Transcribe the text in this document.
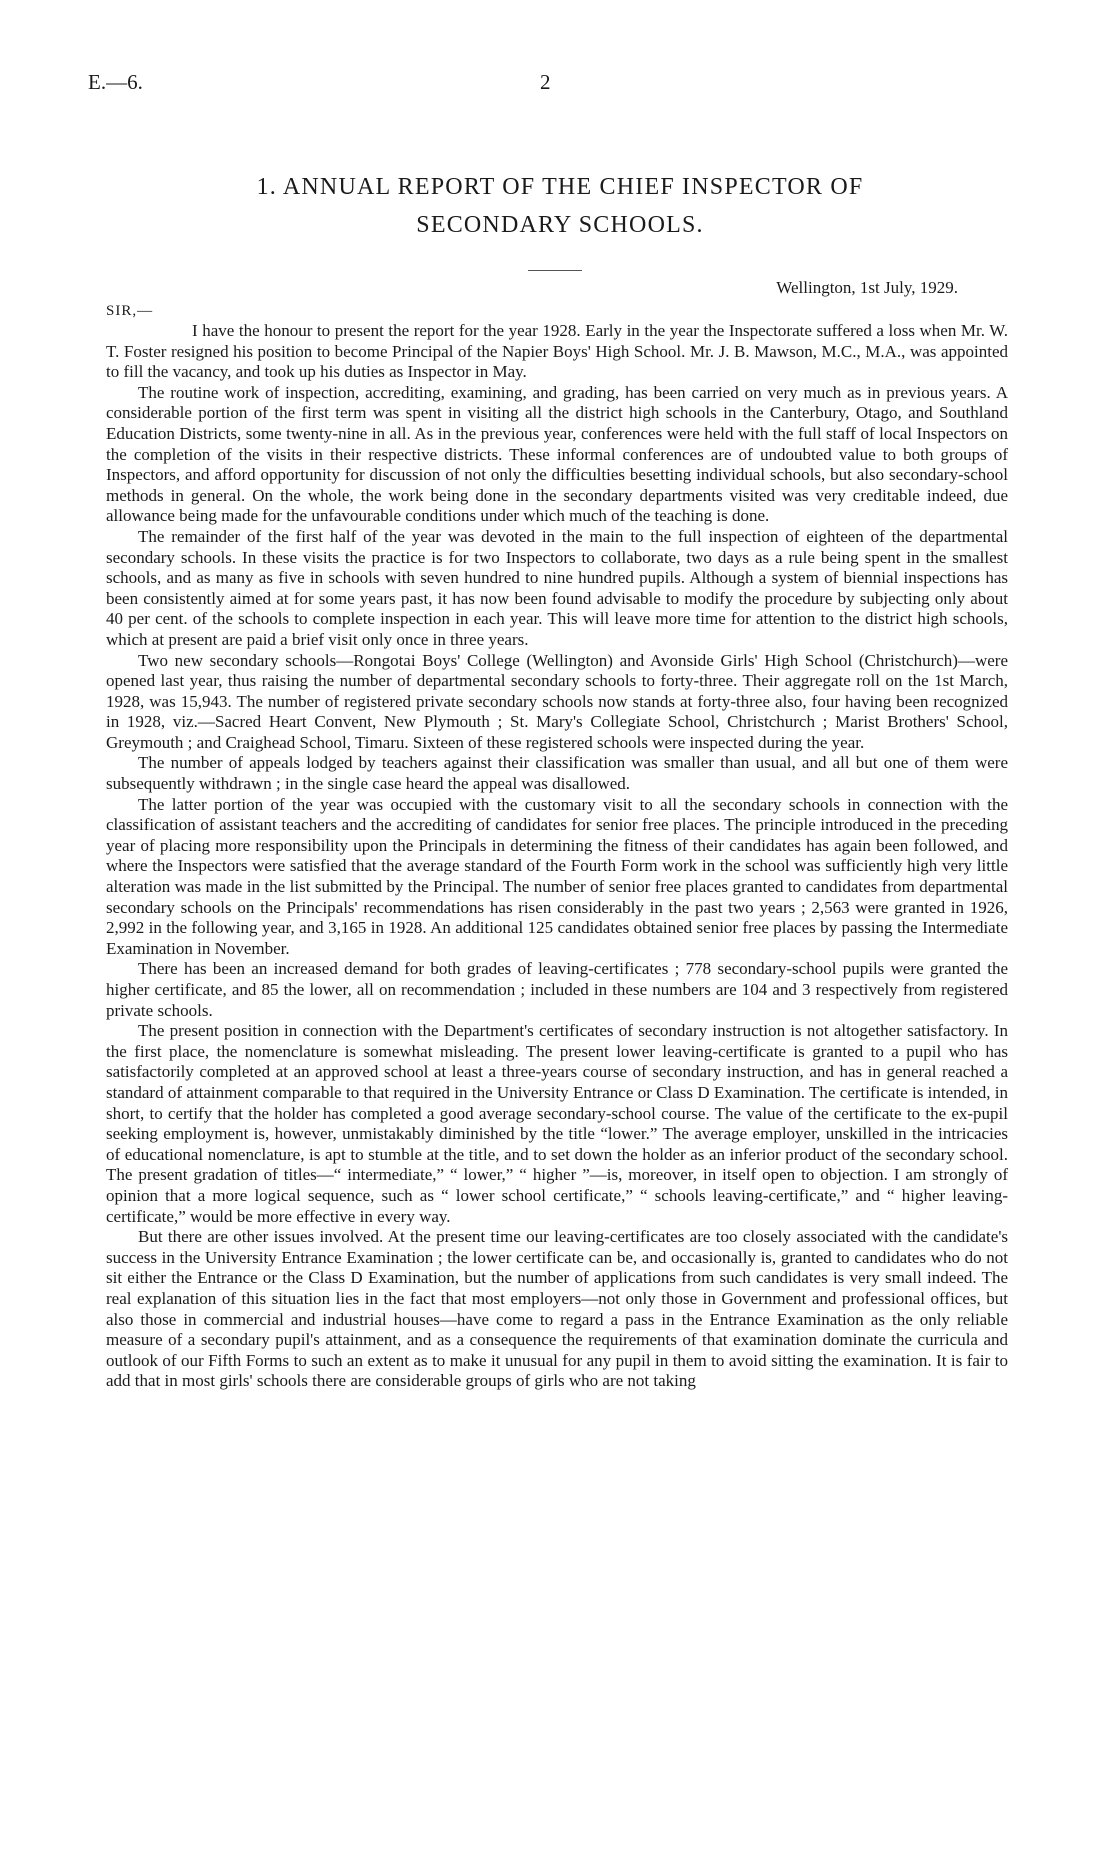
E.—6.	2
1. ANNUAL REPORT OF THE CHIEF INSPECTOR OF
SECONDARY SCHOOLS.
Wellington, 1st July, 1929.
SIR,—

I have the honour to present the report for the year 1928. Early in the year the Inspectorate suffered a loss when Mr. W. T. Foster resigned his position to become Principal of the Napier Boys' High School. Mr. J. B. Mawson, M.C., M.A., was appointed to fill the vacancy, and took up his duties as Inspector in May.

The routine work of inspection, accrediting, examining, and grading, has been carried on very much as in previous years. A considerable portion of the first term was spent in visiting all the district high schools in the Canterbury, Otago, and Southland Education Districts, some twenty-nine in all. As in the previous year, conferences were held with the full staff of local Inspectors on the completion of the visits in their respective districts. These informal conferences are of undoubted value to both groups of Inspectors, and afford opportunity for discussion of not only the difficulties besetting individual schools, but also secondary-school methods in general. On the whole, the work being done in the secondary departments visited was very creditable indeed, due allowance being made for the unfavourable conditions under which much of the teaching is done.

The remainder of the first half of the year was devoted in the main to the full inspection of eighteen of the departmental secondary schools. In these visits the practice is for two Inspectors to collaborate, two days as a rule being spent in the smallest schools, and as many as five in schools with seven hundred to nine hundred pupils. Although a system of biennial inspections has been consistently aimed at for some years past, it has now been found advisable to modify the procedure by subjecting only about 40 per cent. of the schools to complete inspection in each year. This will leave more time for attention to the district high schools, which at present are paid a brief visit only once in three years.

Two new secondary schools—Rongotai Boys' College (Wellington) and Avonside Girls' High School (Christchurch)—were opened last year, thus raising the number of departmental secondary schools to forty-three. Their aggregate roll on the 1st March, 1928, was 15,943. The number of registered private secondary schools now stands at forty-three also, four having been recognized in 1928, viz.—Sacred Heart Convent, New Plymouth ; St. Mary's Collegiate School, Christchurch ; Marist Brothers' School, Greymouth ; and Craighead School, Timaru. Sixteen of these registered schools were inspected during the year.

The number of appeals lodged by teachers against their classification was smaller than usual, and all but one of them were subsequently withdrawn ; in the single case heard the appeal was disallowed.

The latter portion of the year was occupied with the customary visit to all the secondary schools in connection with the classification of assistant teachers and the accrediting of candidates for senior free places. The principle introduced in the preceding year of placing more responsibility upon the Principals in determining the fitness of their candidates has again been followed, and where the Inspectors were satisfied that the average standard of the Fourth Form work in the school was sufficiently high very little alteration was made in the list submitted by the Principal. The number of senior free places granted to candidates from departmental secondary schools on the Principals' recommendations has risen considerably in the past two years ; 2,563 were granted in 1926, 2,992 in the following year, and 3,165 in 1928. An additional 125 candidates obtained senior free places by passing the Intermediate Examination in November.

There has been an increased demand for both grades of leaving-certificates ; 778 secondary-school pupils were granted the higher certificate, and 85 the lower, all on recommendation ; included in these numbers are 104 and 3 respectively from registered private schools.

The present position in connection with the Department's certificates of secondary instruction is not altogether satisfactory. In the first place, the nomenclature is somewhat misleading. The present lower leaving-certificate is granted to a pupil who has satisfactorily completed at an approved school at least a three-years course of secondary instruction, and has in general reached a standard of attainment comparable to that required in the University Entrance or Class D Examination. The certificate is intended, in short, to certify that the holder has completed a good average secondary-school course. The value of the certificate to the ex-pupil seeking employment is, however, unmistakably diminished by the title “lower.” The average employer, unskilled in the intricacies of educational nomenclature, is apt to stumble at the title, and to set down the holder as an inferior product of the secondary school. The present gradation of titles—“ intermediate,” “ lower,” “ higher ”—is, moreover, in itself open to objection. I am strongly of opinion that a more logical sequence, such as “ lower school certificate,” “ schools leaving-certificate,” and “ higher leaving-certificate,” would be more effective in every way.

But there are other issues involved. At the present time our leaving-certificates are too closely associated with the candidate's success in the University Entrance Examination ; the lower certificate can be, and occasionally is, granted to candidates who do not sit either the Entrance or the Class D Examination, but the number of applications from such candidates is very small indeed. The real explanation of this situation lies in the fact that most employers—not only those in Government and professional offices, but also those in commercial and industrial houses—have come to regard a pass in the Entrance Examination as the only reliable measure of a secondary pupil's attainment, and as a consequence the requirements of that examination dominate the curricula and outlook of our Fifth Forms to such an extent as to make it unusual for any pupil in them to avoid sitting the examination. It is fair to add that in most girls' schools there are considerable groups of girls who are not taking
